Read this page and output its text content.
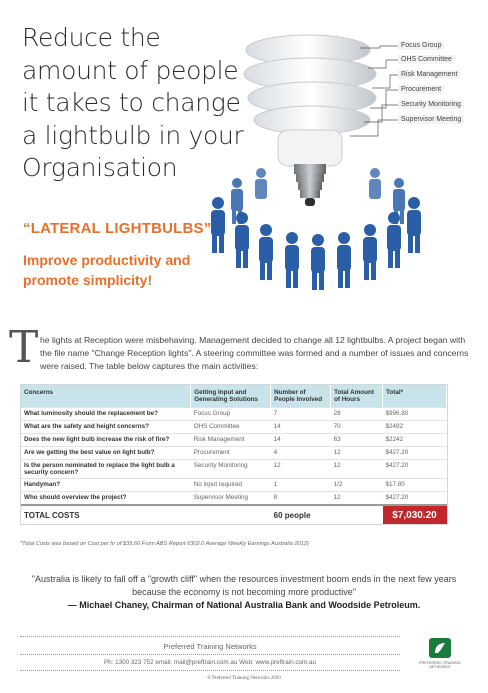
Reduce the
amount of people
it takes to change
a lightbulb in your
Organisation
Focus Group
OHS Committee
Risk Management
Procurement
Security Monitoring
Supervisor Meeting
“LATERAL LIGHTBULBS”
Improve productivity and promote simplicity!
T he lights at Reception were misbehaving. Management decided to change all 12 lightbulbs. A project began with the file name "Change Reception lights". A steering committee was formed and a number of issues and concerns were raised. The table below captures the main activities:
Concerns	Getting Input and Generating Solutions	Number of People Involved	Total Amount of Hours	Total*
What luminosity should the replacement be?	Focus Group	7	28	$996.80
What are the safety and height concerns?	OHS Committee	14	70	$2492
Does the new light bulb increase the risk of fire?	Risk Management	14	63	$2242
Are we getting the best value on light bulb?	Procurement	4	12	$427.20
Is the person nominated to replace the light bulb a security concern?	Security Monitoring	12	12	$427.20
Handyman?	No input required	1	1/2	$17.80
Who should overview the project?	Supervisor Meeting	8	12	$427.20
TOTAL COSTS		60 people		$7,030.20
*Total Costs was based on Cost per hr of $35.60 From ABS Report 6302.0 Average Weekly Earnings Australia 2012)
"Australia is likely to fall off a "growth cliff" when the resources investment boom ends in the next few years because the economy is not becoming more productive"
— Michael Chaney, Chairman of National Australia Bank and Woodside Petroleum.
Preferred Training Networks
Ph: 1300 323 752 email: mail@preftrain.com.au Web: www.preftrain.com.au
© Preferred Training Networks 2020
PREFERRED TRAINING NETWORKS
